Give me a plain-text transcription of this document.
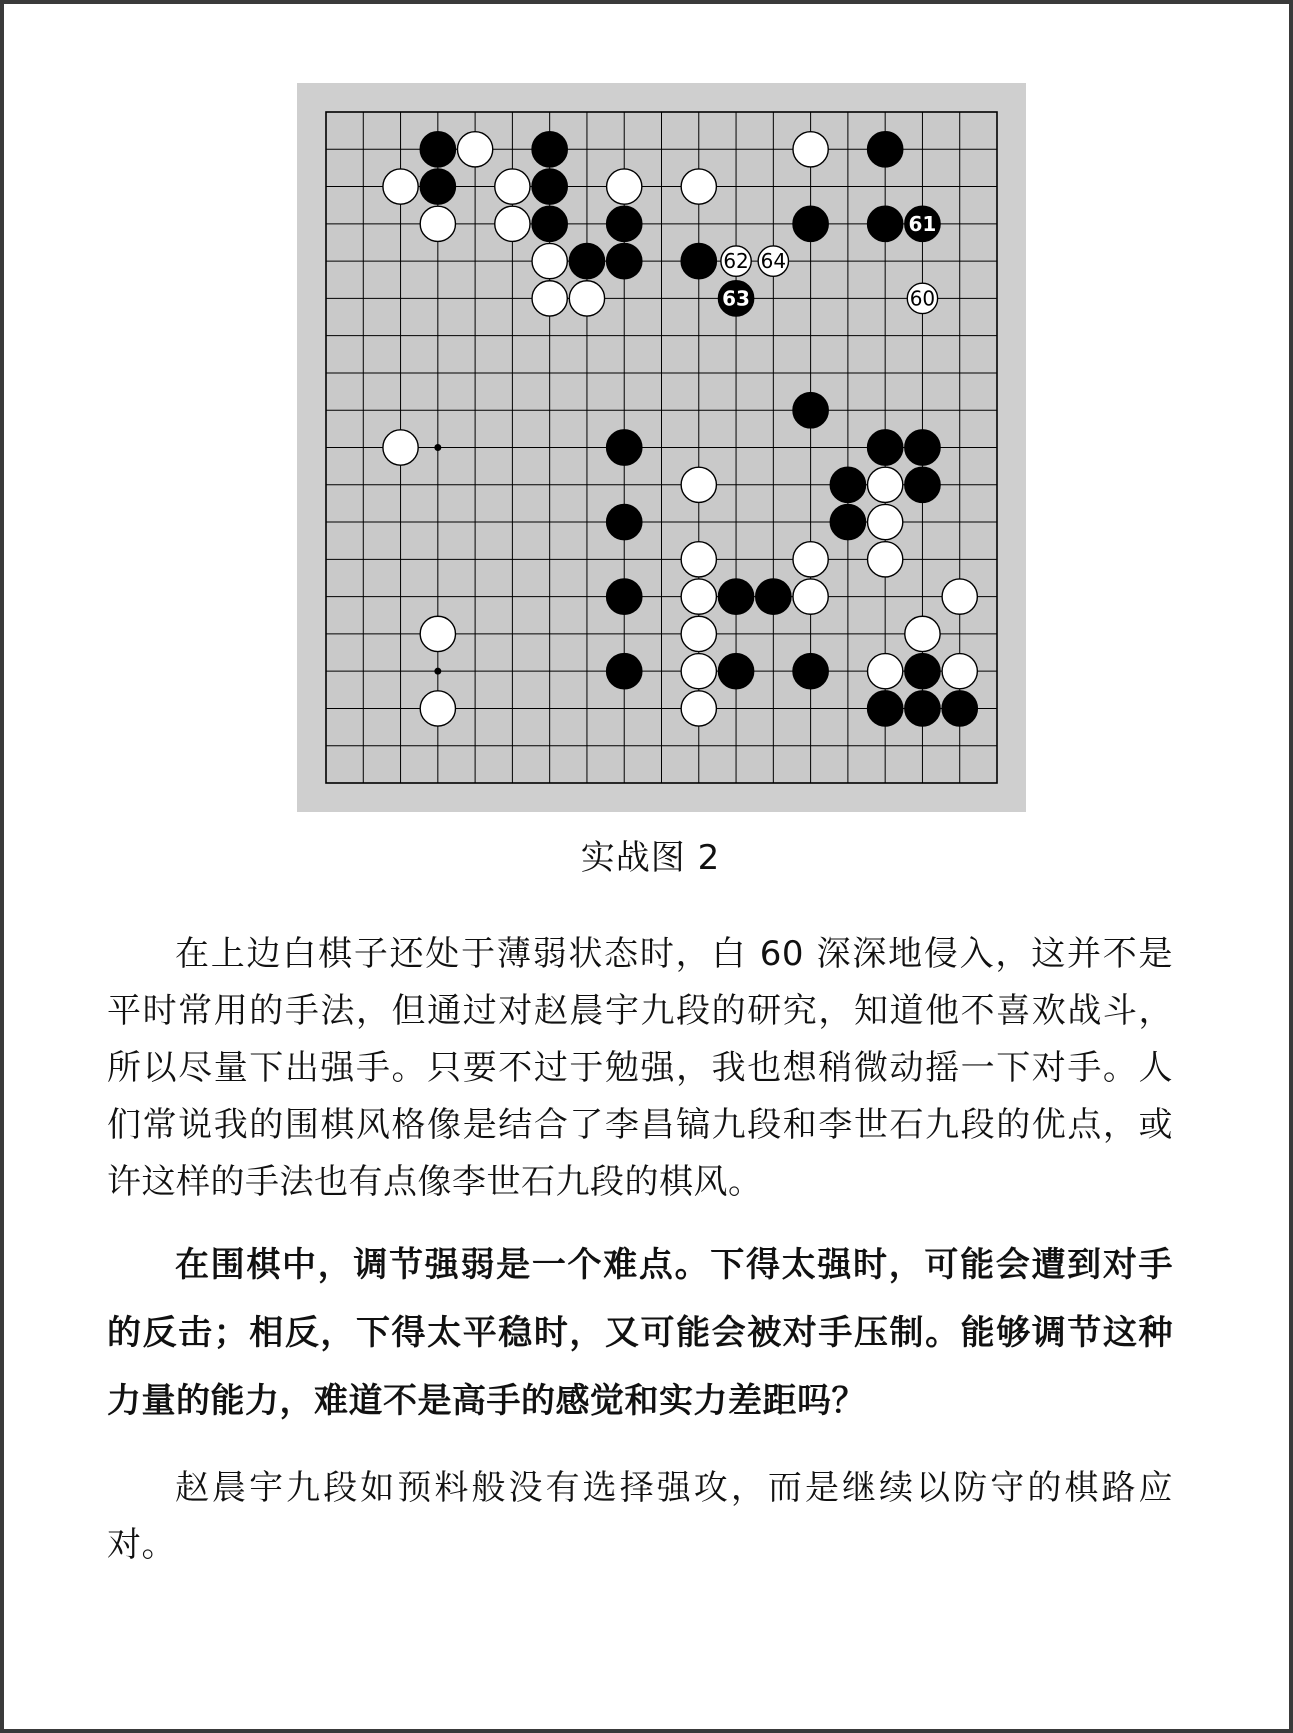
61
62 64
63	60
实战图 2

在上边白棋子还处于薄弱状态时，白 60 深深地侵入，这并不是平时常用的手法，但通过对赵晨宇九段的研究，知道他不喜欢战斗，所以尽量下出强手。只要不过于勉强，我也想稍微动摇一下对手。人们常说我的围棋风格像是结合了李昌镐九段和李世石九段的优点，或许这样的手法也有点像李世石九段的棋风。

在围棋中，调节强弱是一个难点。下得太强时，可能会遭到对手的反击；相反，下得太平稳时，又可能会被对手压制。能够调节这种力量的能力，难道不是高手的感觉和实力差距吗？

赵晨宇九段如预料般没有选择强攻，而是继续以防守的棋路应对。
